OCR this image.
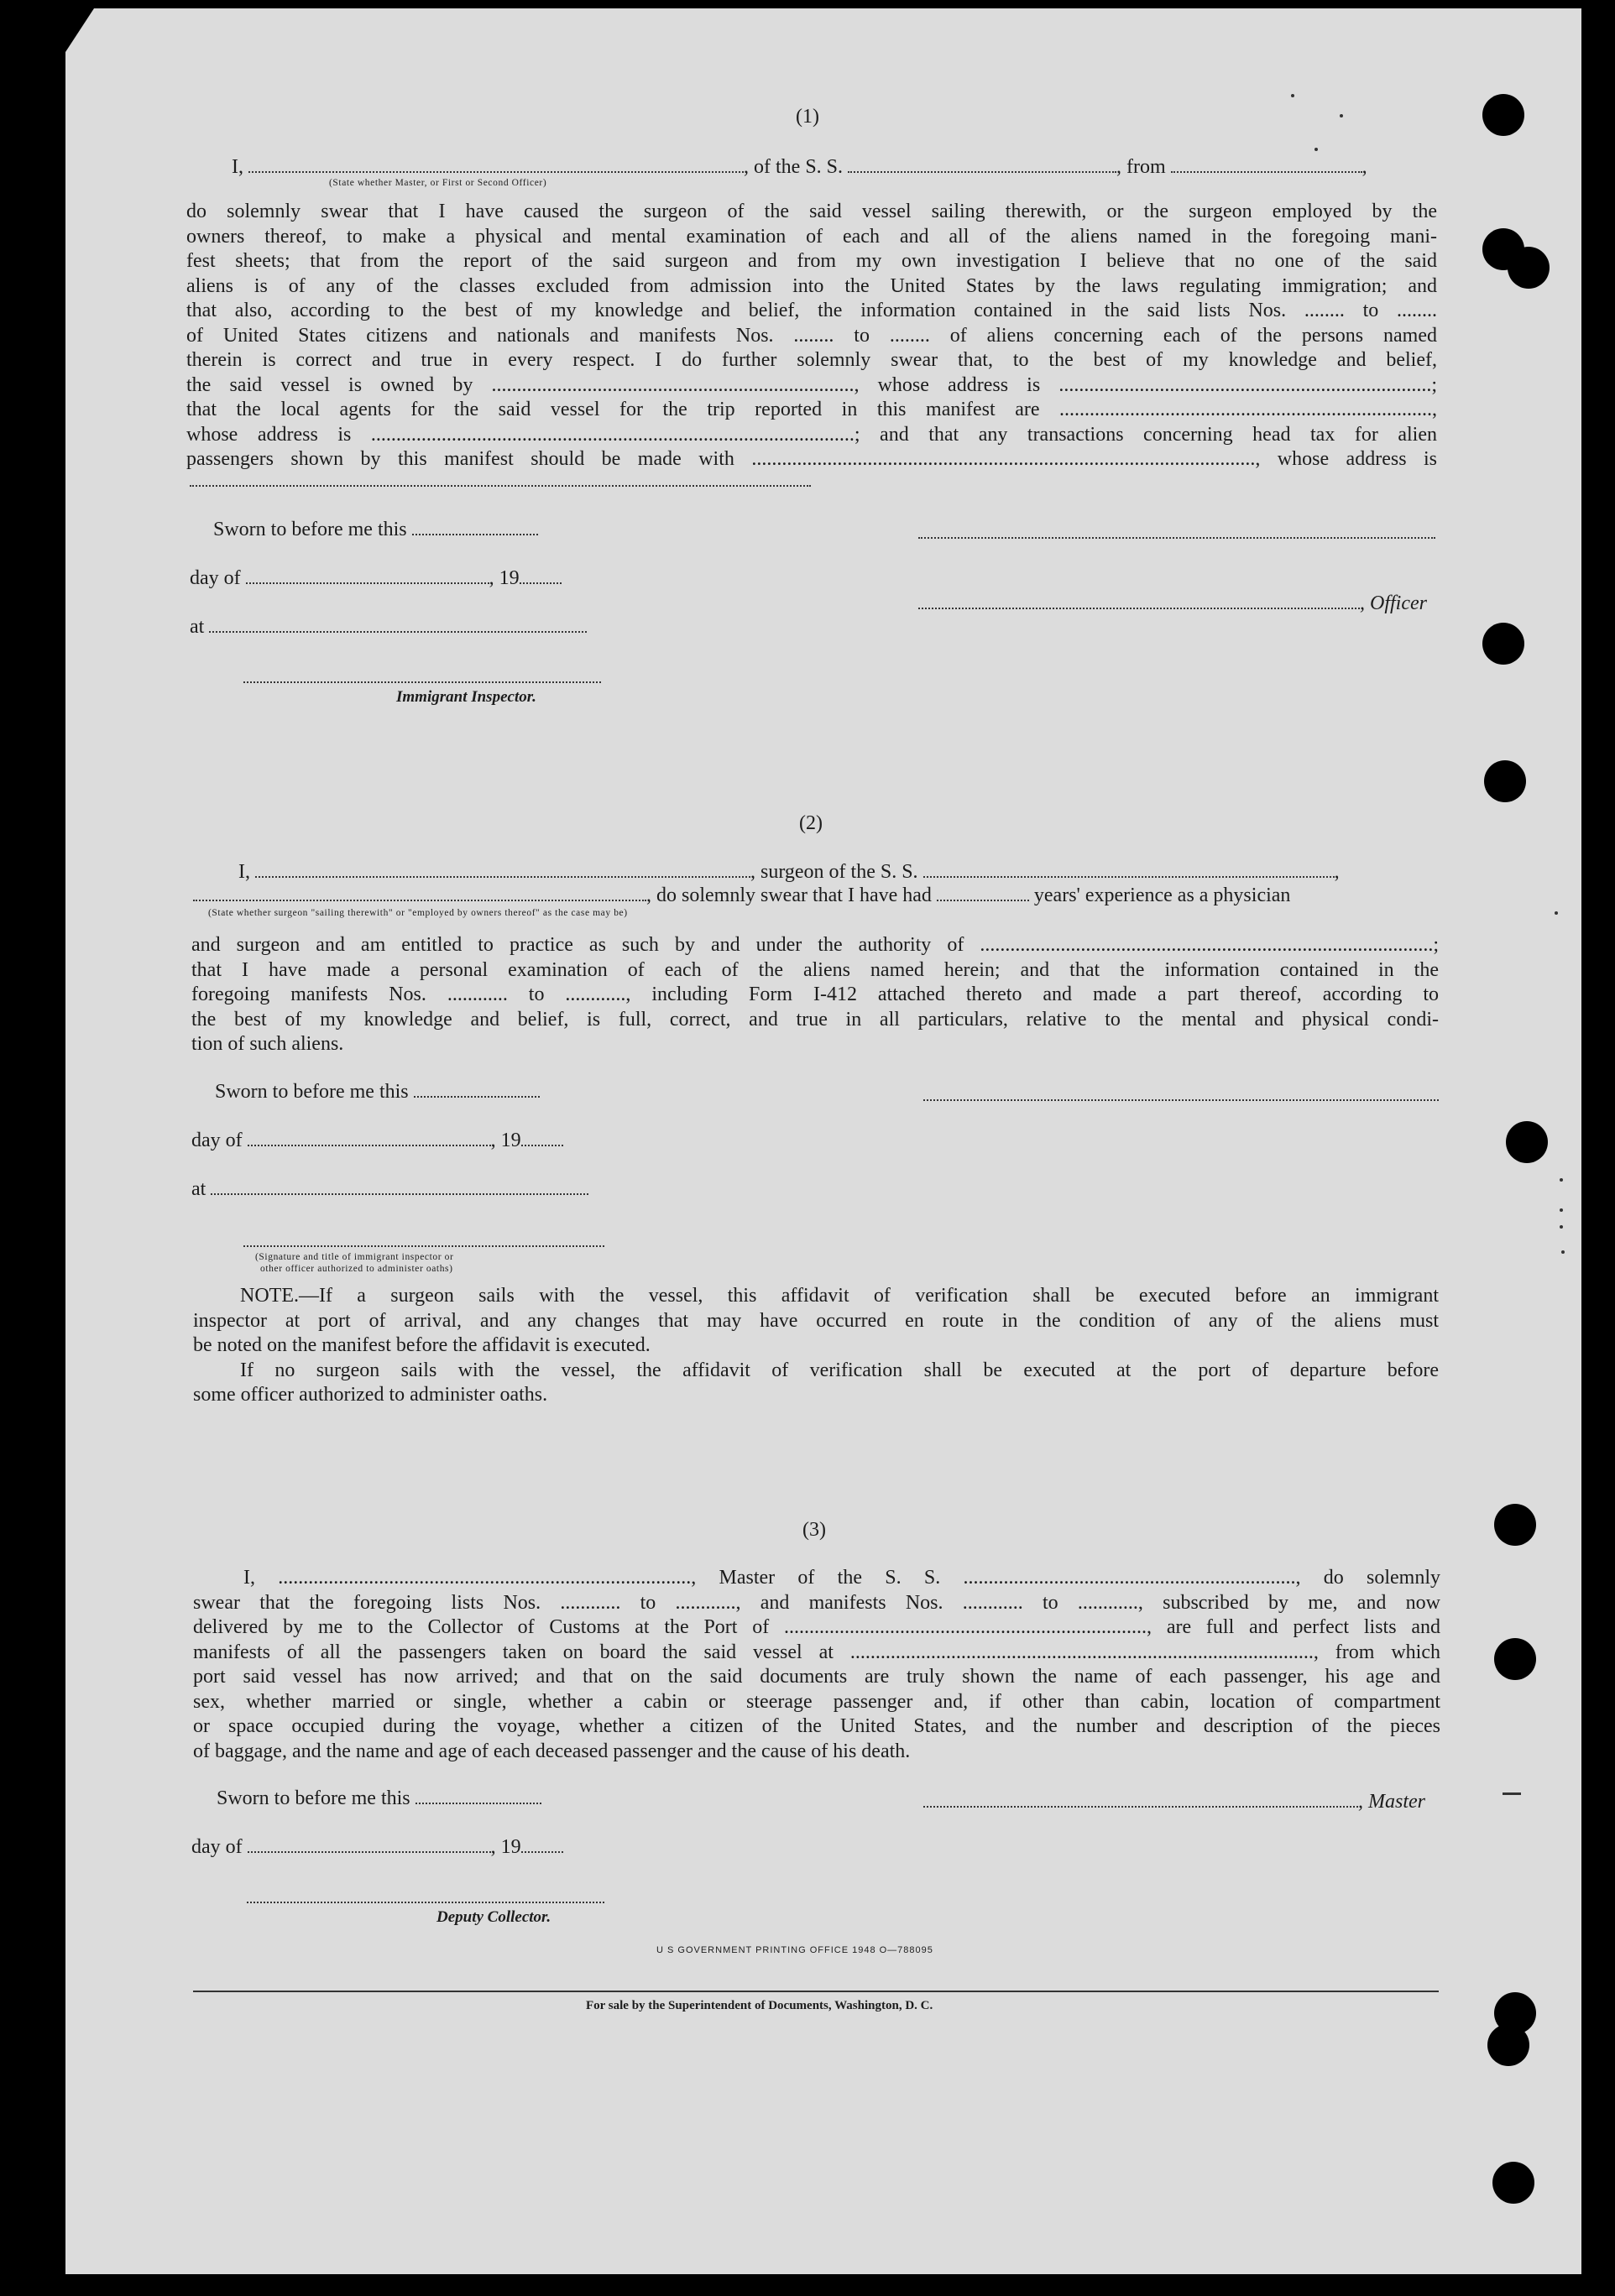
(1)
I,	, of the S. S.	, from	,
(State whether Master, or First or Second Officer)
do solemnly swear that I have caused the surgeon of the said vessel sailing therewith, or the surgeon employed by the
owners thereof, to make a physical and mental examination of each and all of the aliens named in the foregoing mani-
fest sheets; that from the report of the said surgeon and from my own investigation I believe that no one of the said
aliens is of any of the classes excluded from admission into the United States by the laws regulating immigration; and
that also, according to the best of my knowledge and belief, the information contained in the said lists Nos. ........ to ........
of United States citizens and nationals and manifests Nos. ........ to ........ of aliens concerning each of the persons named
therein is correct and true in every respect. I do further solemnly swear that, to the best of my knowledge and belief,
the said vessel is owned by ........................................................................, whose address is ..........................................................................;
that the local agents for the said vessel for the trip reported in this manifest are ..........................................................................,
whose address is ................................................................................................; and that any transactions concerning head tax for alien
passengers shown by this manifest should be made with ...................................................................................................., whose address is
Sworn to before me this
day of	, 19
, Officer
at
Immigrant Inspector.
(2)
I,	, surgeon of the S. S.	,
, do solemnly swear that I have had	years' experience as a physician
(State whether surgeon "sailing therewith" or "employed by owners thereof" as the case may be)
and surgeon and am entitled to practice as such by and under the authority of ..........................................................................................;
that I have made a personal examination of each of the aliens named herein; and that the information contained in the
foregoing manifests Nos. ............ to ............, including Form I-412 attached thereto and made a part thereof, according to
the best of my knowledge and belief, is full, correct, and true in all particulars, relative to the mental and physical condi-
tion of such aliens.
Sworn to before me this
day of	, 19
at
(Signature and title of immigrant inspector or
other officer authorized to administer oaths)
NOTE.—If a surgeon sails with the vessel, this affidavit of verification shall be executed before an immigrant
inspector at port of arrival, and any changes that may have occurred en route in the condition of any of the aliens must
be noted on the manifest before the affidavit is executed.
If no surgeon sails with the vessel, the affidavit of verification shall be executed at the port of departure before
some officer authorized to administer oaths.
(3)
I, .................................................................................., Master of the S. S. .................................................................., do solemnly
swear that the foregoing lists Nos. ............ to ............, and manifests Nos. ............ to ............, subscribed by me, and now
delivered by me to the Collector of Customs at the Port of ........................................................................, are full and perfect lists and
manifests of all the passengers taken on board the said vessel at ............................................................................................, from which
port said vessel has now arrived; and that on the said documents are truly shown the name of each passenger, his age and
sex, whether married or single, whether a cabin or steerage passenger and, if other than cabin, location of compartment
or space occupied during the voyage, whether a citizen of the United States, and the number and description of the pieces
of baggage, and the name and age of each deceased passenger and the cause of his death.
Sworn to before me this	, Master
day of	, 19
Deputy Collector.
U S GOVERNMENT PRINTING OFFICE 1948 O—788095
For sale by the Superintendent of Documents, Washington, D. C.
